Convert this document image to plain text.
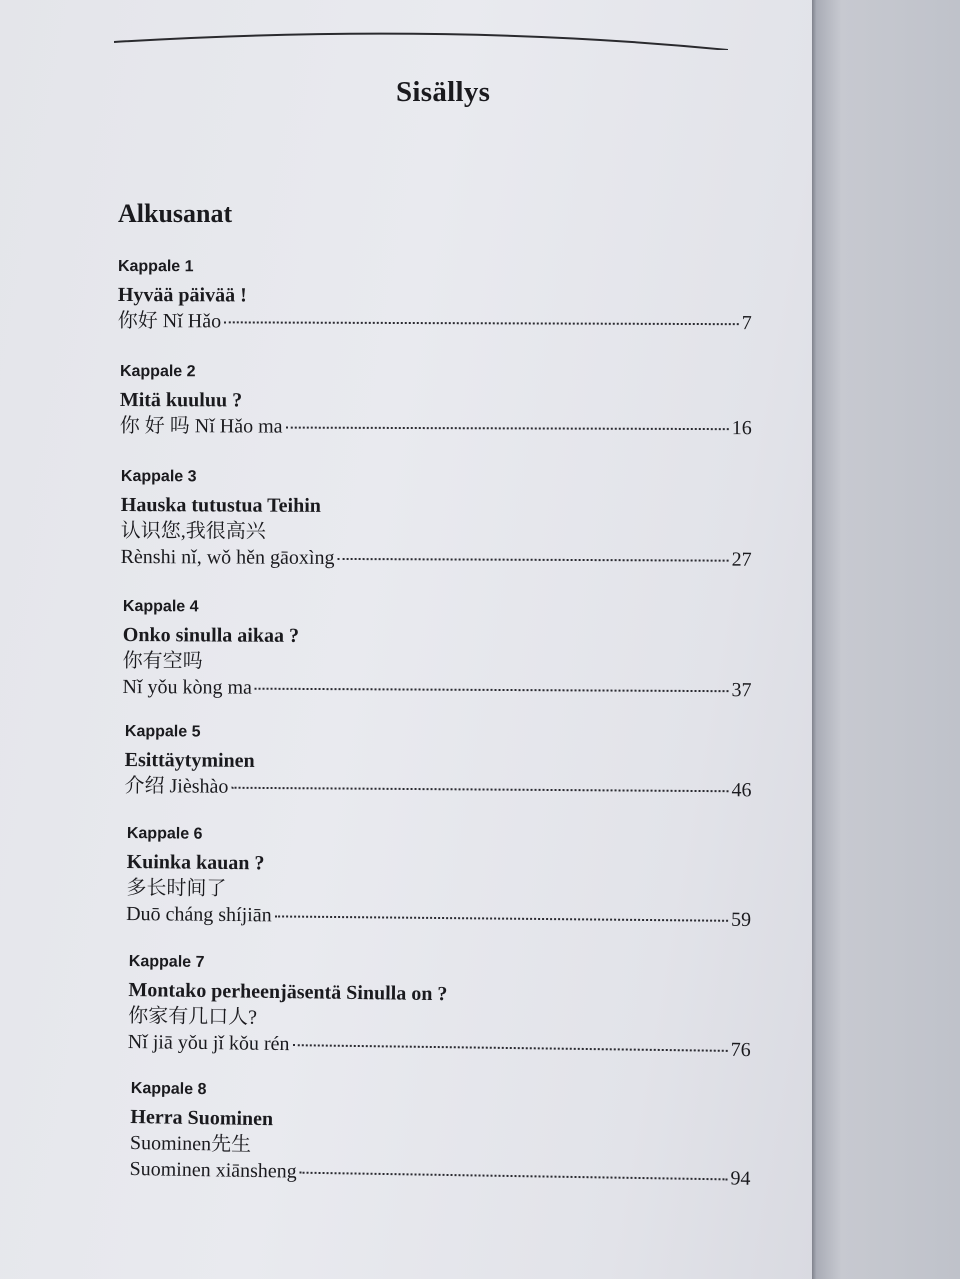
Sisällys
Alkusanat
Kappale 1
Hyvää päivää !
你好 Nǐ Hǎo	7
Kappale 2
Mitä kuuluu ?
你 好 吗 Nǐ Hǎo ma	16
Kappale 3
Hauska tutustua Teihin
认识您,我很高兴
Rènshi nǐ, wǒ hěn gāoxìng	27
Kappale 4
Onko sinulla aikaa ?
你有空吗
Nǐ yǒu kòng ma	37
Kappale 5
Esittäytyminen
介绍 Jièshào	46
Kappale 6
Kuinka kauan ?
多长时间了
Duō cháng shíjiān	59
Kappale 7
Montako perheenjäsentä Sinulla on ?
你家有几口人?
Nǐ jiā yǒu jǐ kǒu rén	76
Kappale 8
Herra Suominen
Suominen先生
Suominen xiānsheng	94
